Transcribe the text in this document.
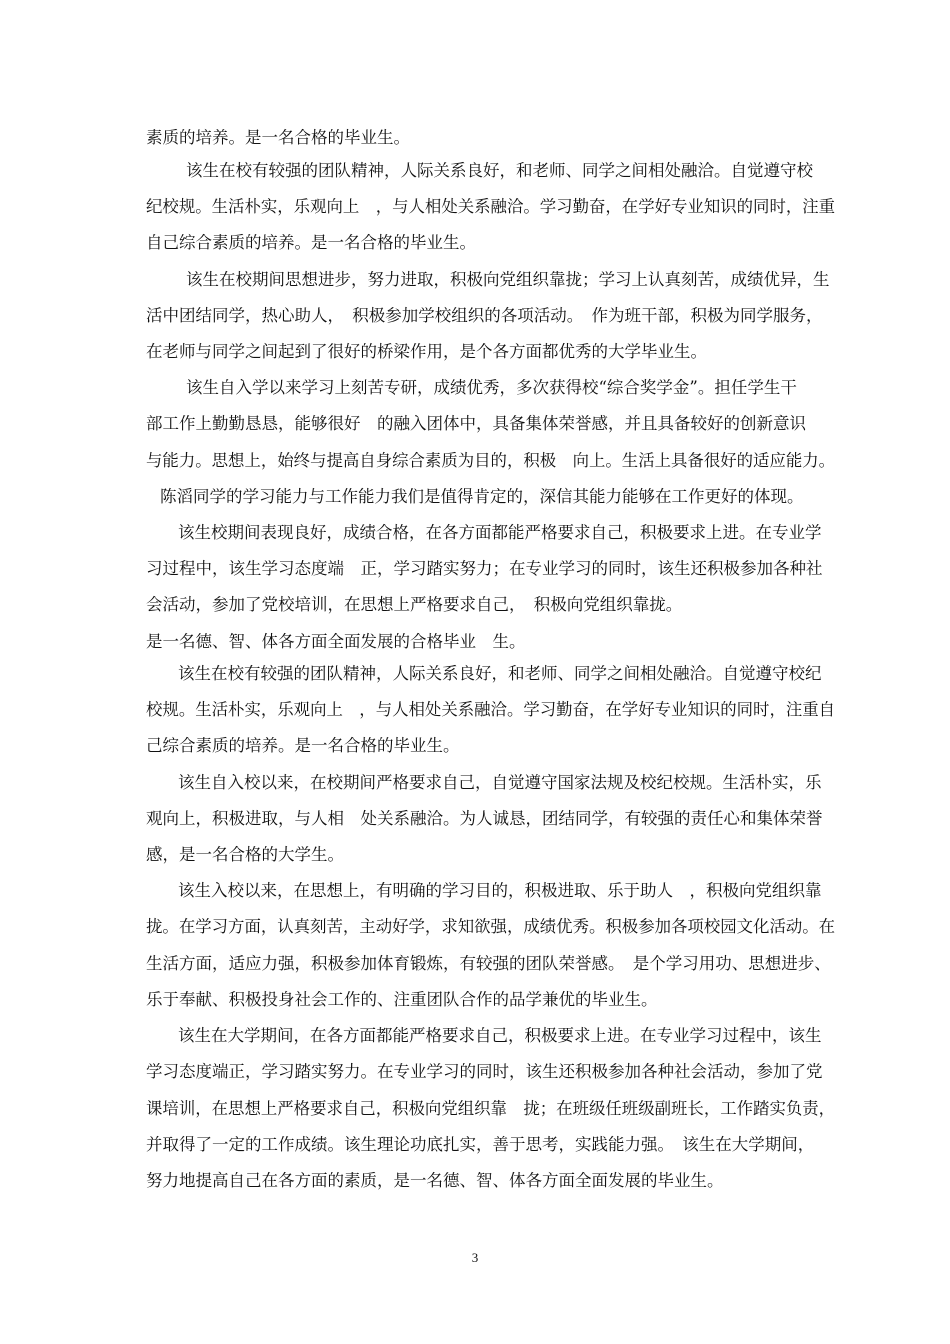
素质的培养。是一名合格的毕业生。
该生在校有较强的团队精神，人际关系良好，和老师、同学之间相处融洽。自觉遵守校
纪校规。生活朴实，乐观向上　，与人相处关系融洽。学习勤奋，在学好专业知识的同时，注重
自己综合素质的培养。是一名合格的毕业生。
该生在校期间思想进步，努力进取，积极向党组织靠拢；学习上认真刻苦，成绩优异，生
活中团结同学，热心助人，　积极参加学校组织的各项活动。　作为班干部，积极为同学服务，
在老师与同学之间起到了很好的桥梁作用，是个各方面都优秀的大学毕业生。
该生自入学以来学习上刻苦专研，成绩优秀，多次获得校“综合奖学金”。担任学生干
部工作上勤勤恳恳，能够很好　的融入团体中，具备集体荣誉感，并且具备较好的创新意识
与能力。思想上，始终与提高自身综合素质为目的，积极　向上。生活上具备很好的适应能力。
陈滔同学的学习能力与工作能力我们是值得肯定的，深信其能力能够在工作更好的体现。
该生校期间表现良好，成绩合格，在各方面都能严格要求自己，积极要求上进。在专业学
习过程中，该生学习态度端　正，学习踏实努力；在专业学习的同时，该生还积极参加各种社
会活动，参加了党校培训，在思想上严格要求自己，　积极向党组织靠拢。
是一名德、智、体各方面全面发展的合格毕业　生。
该生在校有较强的团队精神，人际关系良好，和老师、同学之间相处融洽。自觉遵守校纪
校规。生活朴实，乐观向上　，与人相处关系融洽。学习勤奋，在学好专业知识的同时，注重自
己综合素质的培养。是一名合格的毕业生。
该生自入校以来，在校期间严格要求自己，自觉遵守国家法规及校纪校规。生活朴实，乐
观向上，积极进取，与人相　处关系融洽。为人诚恳，团结同学，有较强的责任心和集体荣誉
感，是一名合格的大学生。
该生入校以来，在思想上，有明确的学习目的，积极进取、乐于助人　，积极向党组织靠
拢。在学习方面，认真刻苦，主动好学，求知欲强，成绩优秀。积极参加各项校园文化活动。在
生活方面，适应力强，积极参加体育锻炼，有较强的团队荣誉感。　是个学习用功、思想进步、
乐于奉献、积极投身社会工作的、注重团队合作的品学兼优的毕业生。
该生在大学期间，在各方面都能严格要求自己，积极要求上进。在专业学习过程中，该生
学习态度端正，学习踏实努力。在专业学习的同时，该生还积极参加各种社会活动，参加了党
课培训，在思想上严格要求自己，积极向党组织靠　拢；在班级任班级副班长，工作踏实负责，
并取得了一定的工作成绩。该生理论功底扎实，善于思考，实践能力强。　该生在大学期间，
努力地提高自己在各方面的素质，是一名德、智、体各方面全面发展的毕业生。
3
